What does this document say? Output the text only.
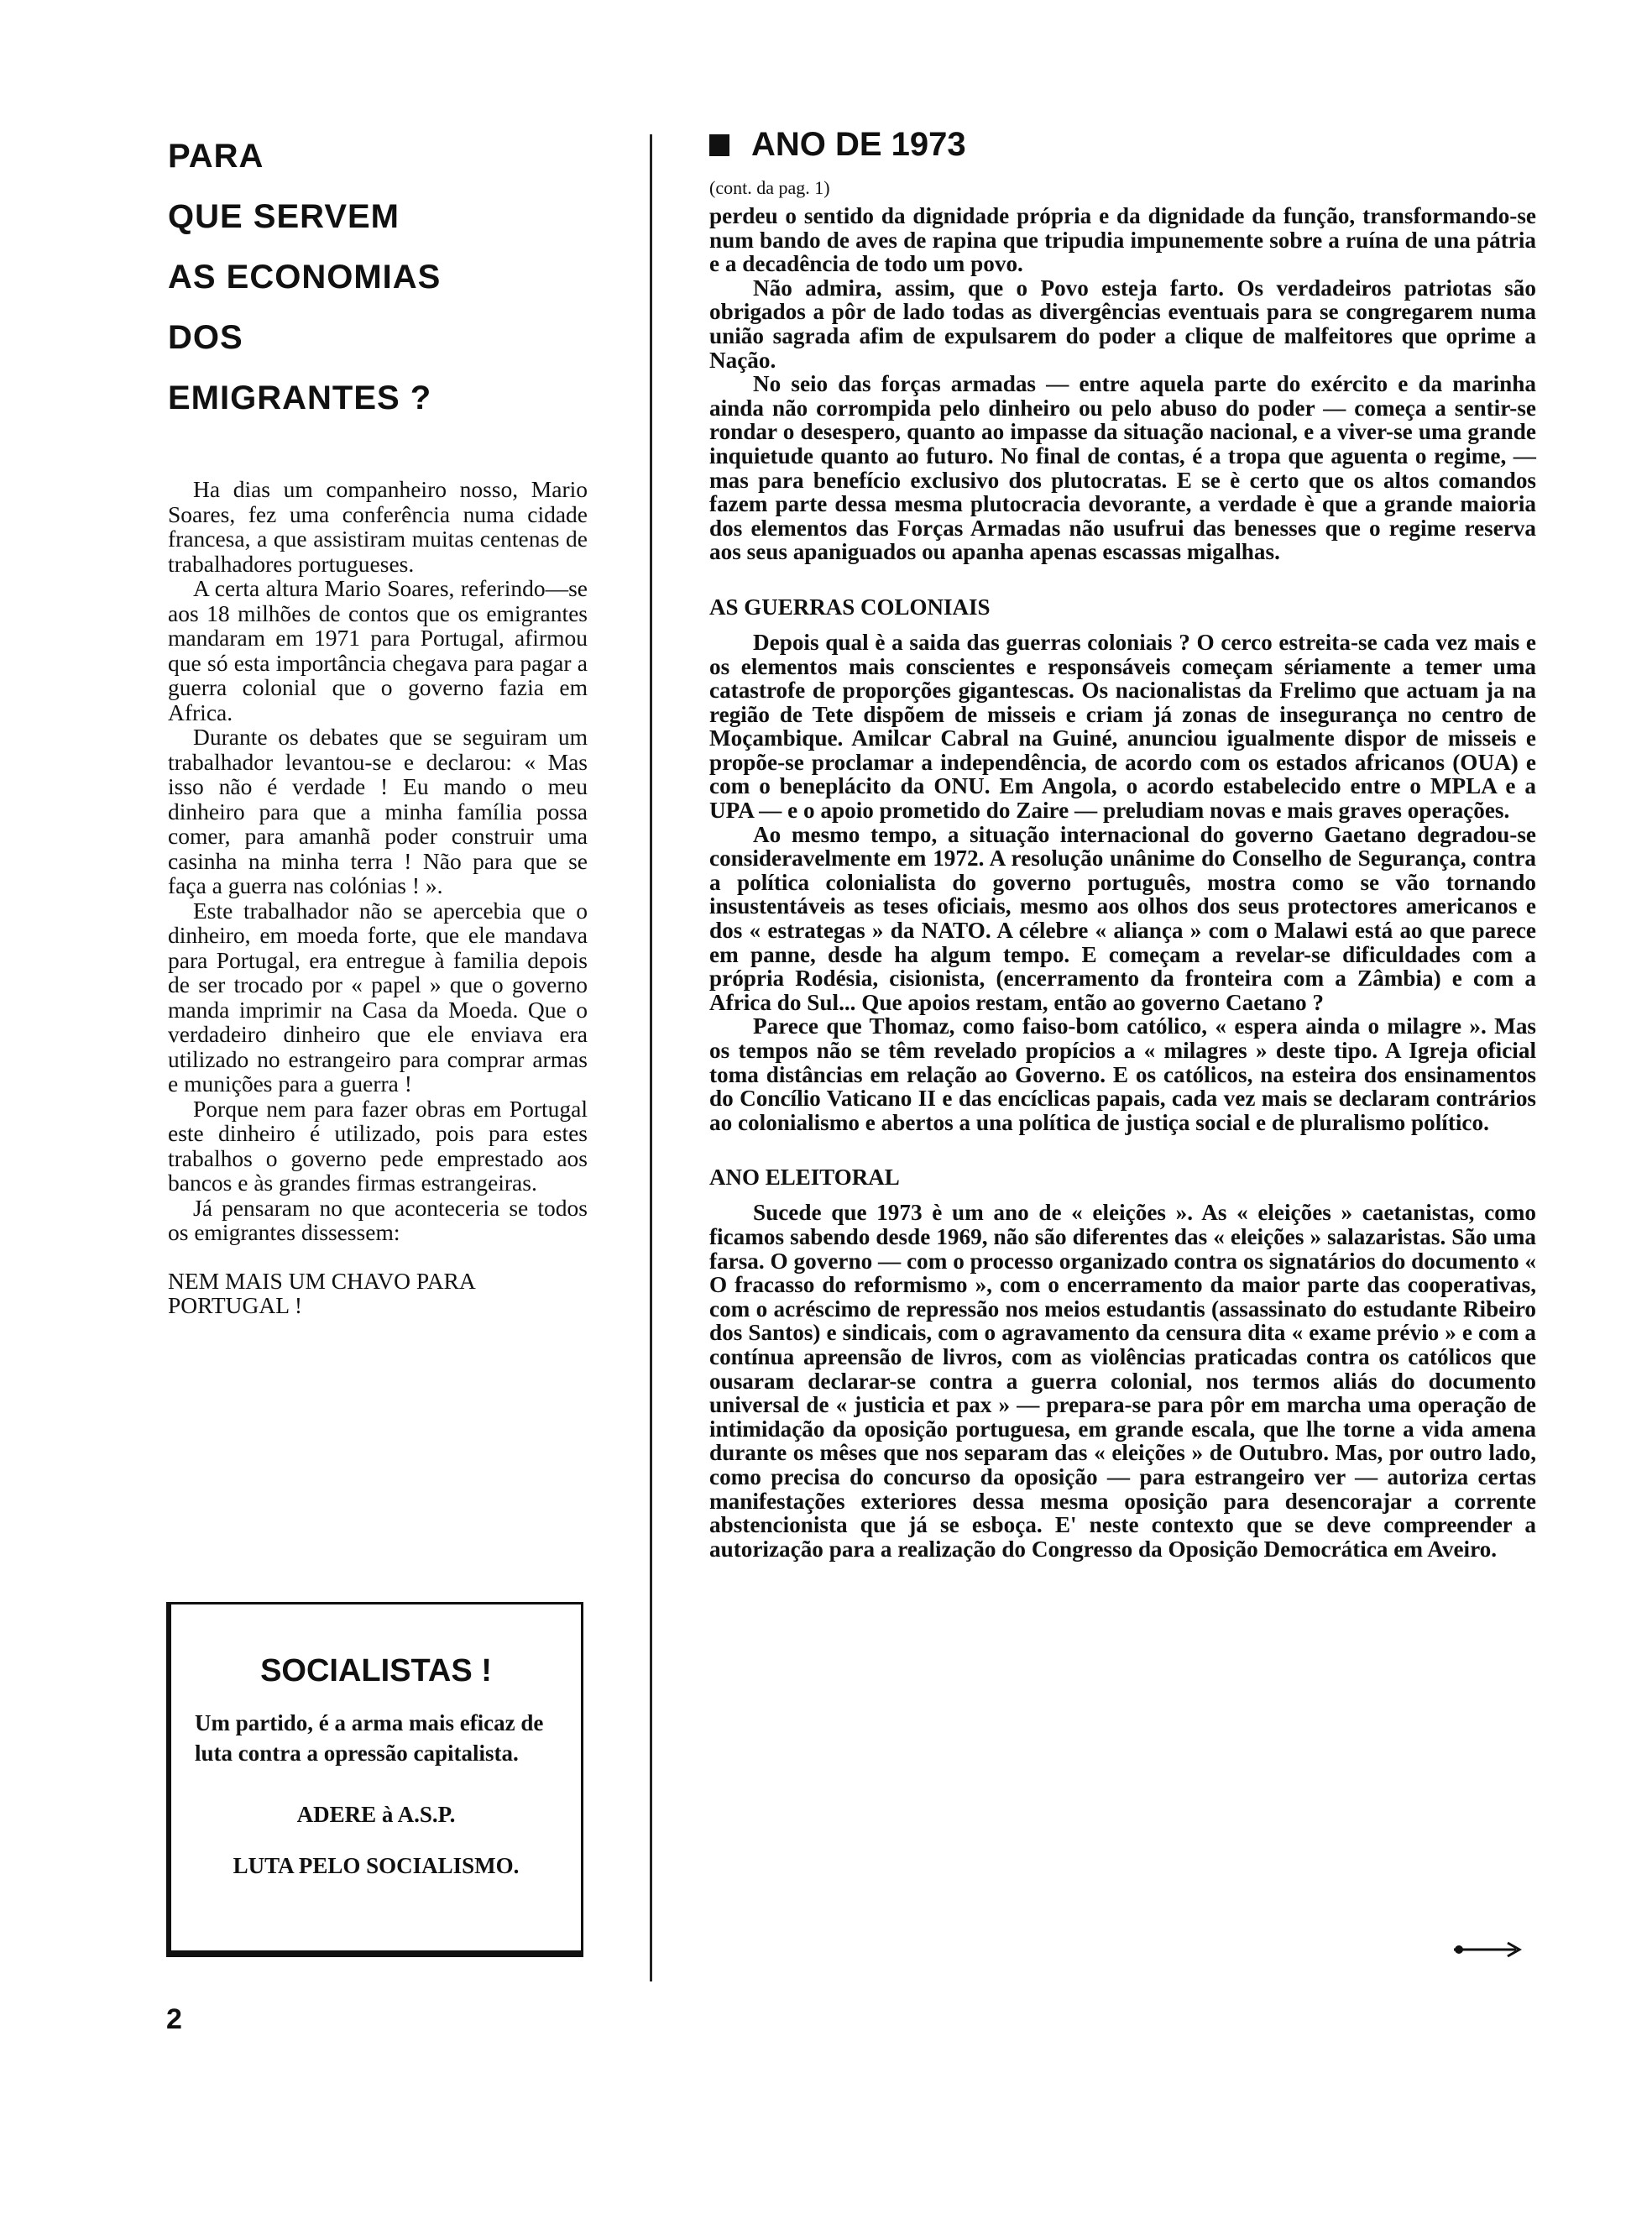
PARA

QUE SERVEM

AS ECONOMIAS

DOS

EMIGRANTES ?

Ha dias um companheiro nosso, Mario Soares, fez uma conferência numa cidade francesa, a que assistiram muitas centenas de trabalhadores portugueses.

A certa altura Mario Soares, referindo—se aos 18 milhões de contos que os emigrantes mandaram em 1971 para Portugal, afirmou que só esta importância chegava para pagar a guerra colonial que o governo fazia em Africa.

Durante os debates que se seguiram um trabalhador levantou-se e declarou: « Mas isso não é verdade ! Eu mando o meu dinheiro para que a minha família possa comer, para amanhã poder construir uma casinha na minha terra ! Não para que se faça a guerra nas colónias ! ».

Este trabalhador não se apercebia que o dinheiro, em moeda forte, que ele mandava para Portugal, era entregue à familia depois de ser trocado por « papel » que o governo manda imprimir na Casa da Moeda. Que o verdadeiro dinheiro que ele enviava era utilizado no estrangeiro para comprar armas e munições para a guerra !

Porque nem para fazer obras em Portugal este dinheiro é utilizado, pois para estes trabalhos o governo pede emprestado aos bancos e às grandes firmas estrangeiras.

Já pensaram no que aconteceria se todos os emigrantes dissessem:

NEM MAIS UM CHAVO PARA PORTUGAL !

SOCIALISTAS !

Um partido, é a arma mais eficaz de luta contra a opressão capitalista.

ADERE à A.S.P.

LUTA PELO SOCIALISMO.

ANO DE 1973
(cont. da pag. 1)

perdeu o sentido da dignidade própria e da dignidade da função, transformando-se num bando de aves de rapina que tripudia impunemente sobre a ruína de una pátria e a decadência de todo um povo.

Não admira, assim, que o Povo esteja farto. Os verdadeiros patriotas são obrigados a pôr de lado todas as divergências eventuais para se congregarem numa união sagrada afim de expulsarem do poder a clique de malfeitores que oprime a Nação.

No seio das forças armadas — entre aquela parte do exército e da marinha ainda não corrompida pelo dinheiro ou pelo abuso do poder — começa a sentir-se rondar o desespero, quanto ao impasse da situação nacional, e a viver-se uma grande inquietude quanto ao futuro. No final de contas, é a tropa que aguenta o regime, — mas para benefício exclusivo dos plutocratas. E se è certo que os altos comandos fazem parte dessa mesma plutocracia devorante, a verdade è que a grande maioria dos elementos das Forças Armadas não usufrui das benesses que o regime reserva aos seus apaniguados ou apanha apenas escassas migalhas.

AS GUERRAS COLONIAIS

Depois qual è a saida das guerras coloniais ? O cerco estreita-se cada vez mais e os elementos mais conscientes e responsáveis começam sériamente a temer uma catastrofe de proporções gigantescas. Os nacionalistas da Frelimo que actuam ja na região de Tete dispõem de misseis e criam já zonas de insegurança no centro de Moçambique. Amilcar Cabral na Guiné, anunciou igualmente dispor de misseis e propõe-se proclamar a independência, de acordo com os estados africanos (OUA) e com o beneplácito da ONU. Em Angola, o acordo estabelecido entre o MPLA e a UPA — e o apoio prometido do Zaire — preludiam novas e mais graves operações.

Ao mesmo tempo, a situação internacional do governo Gaetano degradou-se consideravelmente em 1972. A resolução unânime do Conselho de Segurança, contra a política colonialista do governo português, mostra como se vão tornando insustentáveis as teses oficiais, mesmo aos olhos dos seus protectores americanos e dos « estrategas » da NATO. A célebre « aliança » com o Malawi está ao que parece em panne, desde ha algum tempo. E começam a revelar-se dificuldades com a própria Rodésia, cisionista, (encerramento da fronteira com a Zâmbia) e com a Africa do Sul... Que apoios restam, então ao governo Caetano ?

Parece que Thomaz, como faiso-bom católico, « espera ainda o milagre ». Mas os tempos não se têm revelado propícios a « milagres » deste tipo. A Igreja oficial toma distâncias em relação ao Governo. E os católicos, na esteira dos ensinamentos do Concílio Vaticano II e das encíclicas papais, cada vez mais se declaram contrários ao colonialismo e abertos a una política de justiça social e de pluralismo político.

ANO ELEITORAL

Sucede que 1973 è um ano de « eleições ». As « eleições » caetanistas, como ficamos sabendo desde 1969, não são diferentes das « eleições » salazaristas. São uma farsa. O governo — com o processo organizado contra os signatários do documento « O fracasso do reformismo », com o encerramento da maior parte das cooperativas, com o acréscimo de repressão nos meios estudantis (assassinato do estudante Ribeiro dos Santos) e sindicais, com o agravamento da censura dita « exame prévio » e com a contínua apreensão de livros, com as violências praticadas contra os católicos que ousaram declarar-se contra a guerra colonial, nos termos aliás do documento universal de « justicia et pax » — prepara-se para pôr em marcha uma operação de intimidação da oposição portuguesa, em grande escala, que lhe torne a vida amena durante os mêses que nos separam das « eleições » de Outubro. Mas, por outro lado, como precisa do concurso da oposição — para estrangeiro ver — autoriza certas manifestações exteriores dessa mesma oposição para desencorajar a corrente abstencionista que já se esboça. E' neste contexto que se deve compreender a autorização para a realização do Congresso da Oposição Democrática em Aveiro.

2
